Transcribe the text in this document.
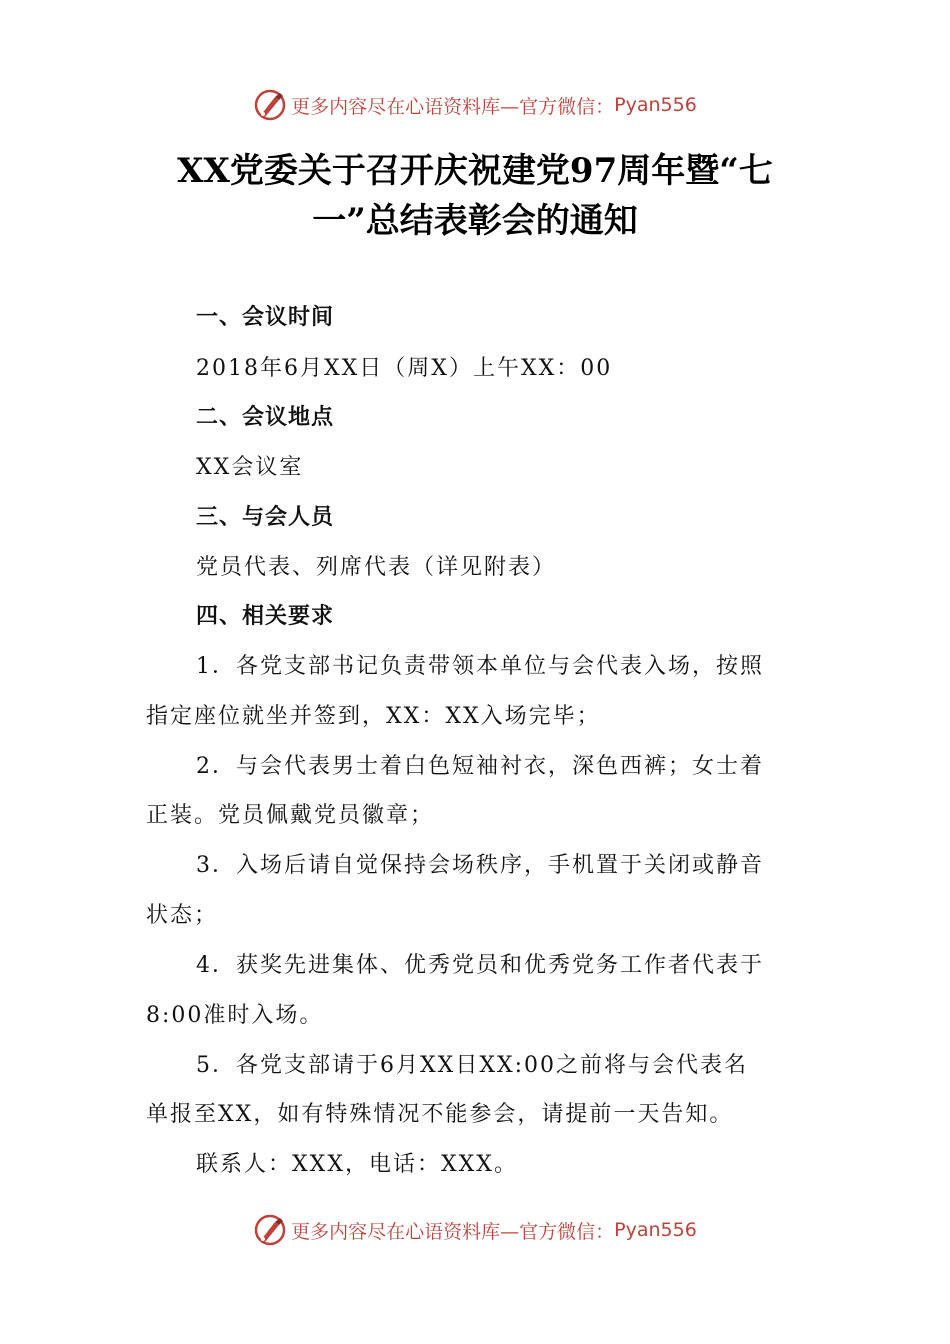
更多内容尽在心语资料库—官方微信： Pyan556
XX党委关于召开庆祝建党97周年暨“七
一”总结表彰会的通知
一、会议时间
2018年6月XX日（周X）上午XX：00
二、会议地点
XX会议室
三、与会人员
党员代表、列席代表（详见附表）
四、相关要求
1．各党支部书记负责带领本单位与会代表入场，按照
指定座位就坐并签到，XX：XX入场完毕；
2．与会代表男士着白色短袖衬衣，深色西裤；女士着
正装。党员佩戴党员徽章；
3．入场后请自觉保持会场秩序，手机置于关闭或静音
状态；
4．获奖先进集体、优秀党员和优秀党务工作者代表于
8:00准时入场。
5．各党支部请于6月XX日XX:00之前将与会代表名
单报至XX，如有特殊情况不能参会，请提前一天告知。
联系人：XXX，电话：XXX。
更多内容尽在心语资料库—官方微信： Pyan556
